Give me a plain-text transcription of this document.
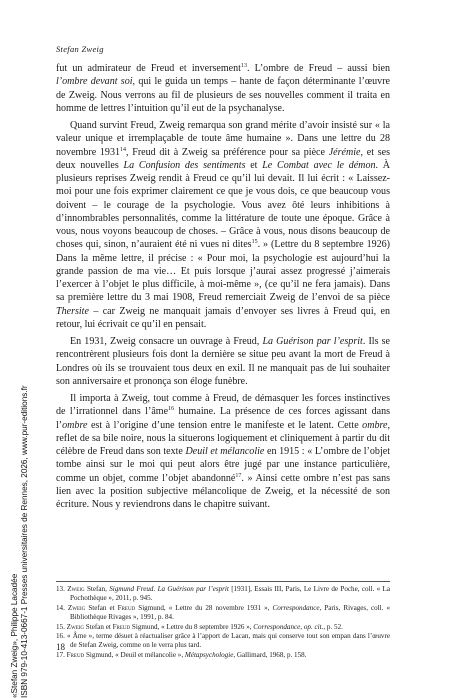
Stefan Zweig

fut un admirateur de Freud et inversement$^{13}$. L’ombre de Freud – aussi bien l’ombre devant soi, qui le guida un temps – hante de façon déterminante l’œuvre de Zweig. Nous verrons au fil de plusieurs de ses nouvelles comment il traita en homme de lettres l’intuition qu’il eut de la psychanalyse.

Quand survint Freud, Zweig remarqua son grand mérite d’avoir insisté sur « la valeur unique et irremplaçable de toute âme humaine ». Dans une lettre du 28 novembre 1931$^{14}$, Freud dit à Zweig sa préférence pour sa pièce Jérémie, et ses deux nouvelles La Confusion des sentiments et Le Combat avec le démon. À plusieurs reprises Zweig rendit à Freud ce qu’il lui devait. Il lui écrit : « Laissez-moi pour une fois exprimer clairement ce que je vous dois, ce que beaucoup vous doivent – le courage de la psychologie. Vous avez ôté leurs inhibitions à d’innombrables personnalités, comme la littérature de toute une époque. Grâce à vous, nous voyons beaucoup de choses. – Grâce à vous, nous disons beaucoup de choses qui, sinon, n’auraient été ni vues ni dites$^{15}$. » (Lettre du 8 septembre 1926) Dans la même lettre, il précise : « Pour moi, la psychologie est aujourd’hui la grande passion de ma vie… Et puis lorsque j’aurai assez progressé j’aimerais l’exercer à l’objet le plus difficile, à moi-même », (ce qu’il ne fera jamais). Dans sa première lettre du 3 mai 1908, Freud remerciait Zweig de l’envoi de sa pièce Thersite – car Zweig ne manquait jamais d’envoyer ses livres à Freud qui, en retour, lui écrivait ce qu’il en pensait.

En 1931, Zweig consacre un ouvrage à Freud, La Guérison par l’esprit. Ils se rencontrèrent plusieurs fois dont la dernière se situe peu avant la mort de Freud à Londres où ils se trouvaient tous deux en exil. Il ne manquait pas de lui souhaiter son anniversaire et prononça son éloge funèbre.

Il importa à Zweig, tout comme à Freud, de démasquer les forces instinctives de l’irrationnel dans l’âme$^{16}$ humaine. La présence de ces forces agissant dans l’ombre est à l’origine d’une tension entre le manifeste et le latent. Cette ombre, reflet de sa bile noire, nous la situerons logiquement et cliniquement à partir du dit célèbre de Freud dans son texte Deuil et mélancolie en 1915 : « L’ombre de l’objet tombe ainsi sur le moi qui peut alors être jugé par une instance particulière, comme un objet, comme l’objet abandonné$^{17}$. » Ainsi cette ombre n’est pas sans lien avec la position subjective mélancolique de Zweig, et la nécessité de son écriture. Nous y reviendrons dans le chapitre suivant.

13. Zweig Stefan, Sigmund Freud. La Guérison par l’esprit [1931], Essais III, Paris, Le Livre de Poche, coll. « La Pochothèque », 2011, p. 945.

14. Zweig Stefan et Freud Sigmund, « Lettre du 28 novembre 1931 », Correspondance, Paris, Rivages, coll. « Bibliothèque Rivages », 1991, p. 84.

15. Zweig Stefan et Freud Sigmund, « Lettre du 8 septembre 1926 », Correspondance, op. cit., p. 52.

16. « Âme », terme désuet à réactualiser grâce à l’apport de Lacan, mais qui conserve tout son empan dans l’œuvre de Stefan Zweig, comme on le verra plus tard.

17. Freud Sigmund, « Deuil et mélancolie », Métapsychologie, Gallimard, 1968, p. 158.

18
«Stefan Zweig», Philippe Lacadée ISBN 979-10-413-0667-1 Presses universitaires de Rennes, 2026, www.pur-editions.fr
